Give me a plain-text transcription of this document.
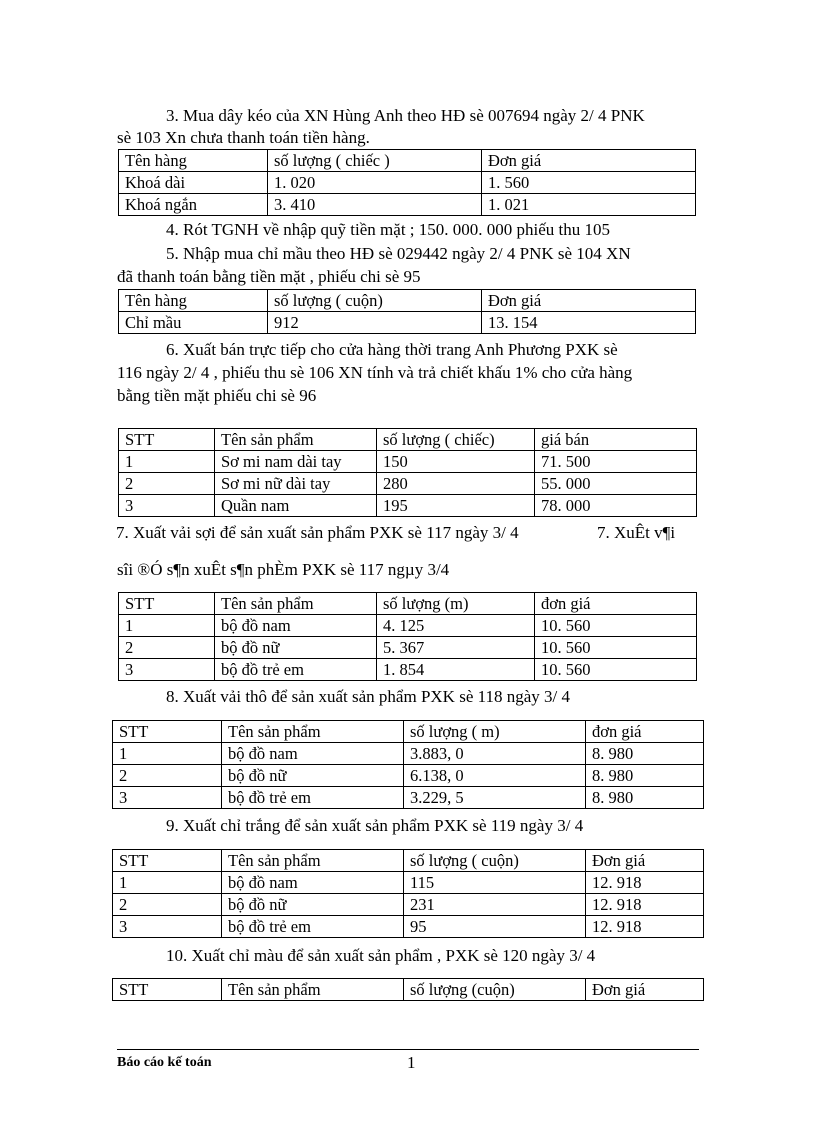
3. Mua dây kéo của XN Hùng Anh theo HĐ sè 007694 ngày 2/ 4 PNK

sè 103 Xn chưa thanh toán tiền hàng.

Tên hàng	số lượng ( chiếc )	Đơn giá
Khoá dài	1. 020	1. 560
Khoá ngắn	3. 410	1. 021

4. Rót TGNH về nhập quỹ tiền mặt ; 150. 000. 000 phiếu thu 105

5. Nhập mua chỉ mầu theo HĐ sè 029442 ngày 2/ 4 PNK sè 104 XN

đã thanh toán bằng tiền mặt , phiếu chi sè 95

Tên hàng	số lượng ( cuộn)	Đơn giá
Chỉ mầu	912	13. 154

6. Xuất bán trực tiếp cho cửa hàng thời trang Anh Phương PXK sè

116 ngày 2/ 4 , phiếu thu sè 106 XN tính và trả chiết khấu 1% cho cửa hàng

bằng tiền mặt phiếu chi sè 96

STT	Tên sản phẩm	số lượng ( chiếc)	giá bán
1	Sơ mi nam dài tay	150	71. 500
2	Sơ mi nữ dài tay	280	55. 000
3	Quần nam	195	78. 000

7. Xuất vải sợi để sản xuất sản phẩm PXK sè 117 ngày 3/ 4	7. XuÊt v¶i

sîi ®Ó s¶n xuÊt s¶n phÈm PXK sè 117 ngµy 3/4

STT	Tên sản phẩm	số lượng (m)	đơn giá
1	bộ đồ nam	4. 125	10. 560
2	bộ đồ nữ	5. 367	10. 560
3	bộ đồ trẻ em	1. 854	10. 560

8. Xuất vải thô để sản xuất sản phẩm PXK sè 118 ngày 3/ 4

STT	Tên sản phẩm	số lượng ( m)	đơn giá
1	bộ đồ nam	3.883, 0	8. 980
2	bộ đồ nữ	6.138, 0	8. 980
3	bộ đồ trẻ em	3.229, 5	8. 980

9. Xuất chỉ trắng để sản xuất sản phẩm PXK sè 119 ngày 3/ 4

STT	Tên sản phẩm	số lượng ( cuộn)	Đơn giá
1	bộ đồ nam	115	12. 918
2	bộ đồ nữ	231	12. 918
3	bộ đồ trẻ em	95	12. 918

10. Xuất chỉ màu để sản xuất sản phẩm , PXK sè 120 ngày 3/ 4

STT	Tên sản phẩm	số lượng (cuộn)	Đơn giá
Báo cáo kế toán	1
